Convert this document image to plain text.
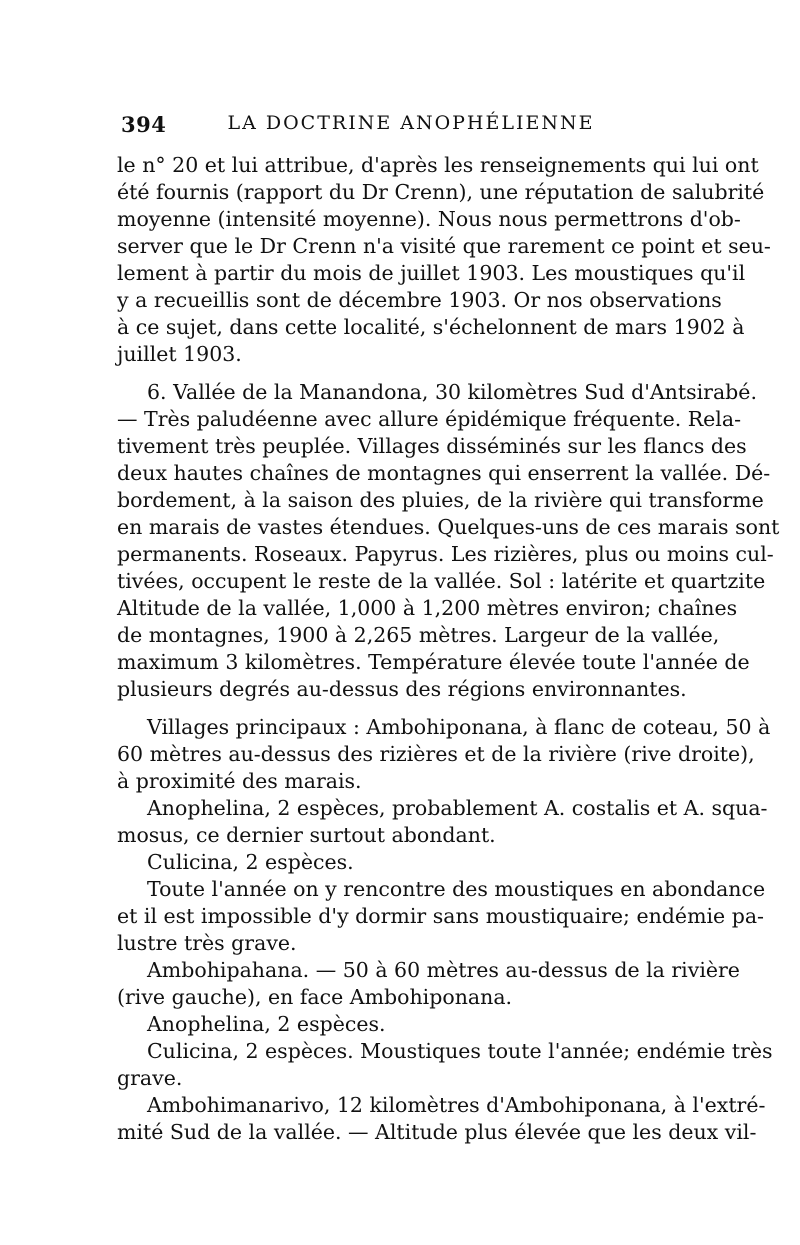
394	LA DOCTRINE ANOPHÉLIENNE
le n° 20 et lui attribue, d'après les renseignements qui lui ont
été fournis (rapport du Dr Crenn), une réputation de salubrité
moyenne (intensité moyenne). Nous nous permettrons d'ob-
server que le Dr Crenn n'a visité que rarement ce point et seu-
lement à partir du mois de juillet 1903. Les moustiques qu'il
y a recueillis sont de décembre 1903. Or nos observations
à ce sujet, dans cette localité, s'échelonnent de mars 1902 à
juillet 1903.
6. Vallée de la Manandona, 30 kilomètres Sud d'Antsirabé.
— Très paludéenne avec allure épidémique fréquente. Rela-
tivement très peuplée. Villages disséminés sur les flancs des
deux hautes chaînes de montagnes qui enserrent la vallée. Dé-
bordement, à la saison des pluies, de la rivière qui transforme
en marais de vastes étendues. Quelques-uns de ces marais sont
permanents. Roseaux. Papyrus. Les rizières, plus ou moins cul-
tivées, occupent le reste de la vallée. Sol : latérite et quartzite
Altitude de la vallée, 1,000 à 1,200 mètres environ; chaînes
de montagnes, 1900 à 2,265 mètres. Largeur de la vallée,
maximum 3 kilomètres. Température élevée toute l'année de
plusieurs degrés au-dessus des régions environnantes.
Villages principaux : Ambohiponana, à flanc de coteau, 50 à
60 mètres au-dessus des rizières et de la rivière (rive droite),
à proximité des marais.
Anophelina, 2 espèces, probablement A. costalis et A. squa-
mosus, ce dernier surtout abondant.
Culicina, 2 espèces.
Toute l'année on y rencontre des moustiques en abondance
et il est impossible d'y dormir sans moustiquaire; endémie pa-
lustre très grave.
Ambohipahana. — 50 à 60 mètres au-dessus de la rivière
(rive gauche), en face Ambohiponana.
Anophelina, 2 espèces.
Culicina, 2 espèces. Moustiques toute l'année; endémie très
grave.
Ambohimanarivo, 12 kilomètres d'Ambohiponana, à l'extré-
mité Sud de la vallée. — Altitude plus élevée que les deux vil-
